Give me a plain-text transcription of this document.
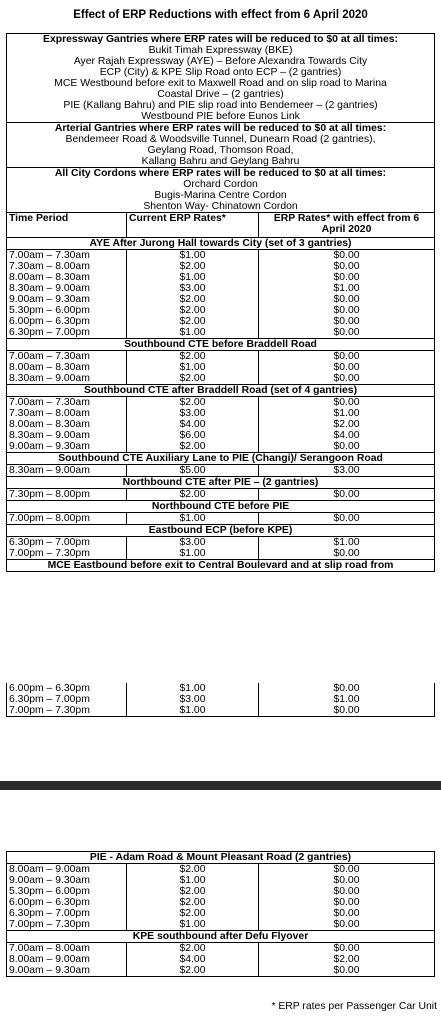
Effect of ERP Reductions with effect from 6 April 2020
Expressway Gantries where ERP rates will be reduced to $0 at all times:		
Bukit Timah Expressway (BKE)		
Ayer Rajah Expressway (AYE) – Before Alexandra Towards City		
ECP (City) & KPE Slip Road onto ECP – (2 gantries)		
MCE Westbound before exit to Maxwell Road and on slip road to Marina		
Coastal Drive – (2 gantries)		
PIE (Kallang Bahru) and PIE slip road into Bendemeer – (2 gantries)		
Westbound PIE before Eunos Link		
Arterial Gantries where ERP rates will be reduced to $0 at all times:		
Bendemeer Road & Woodsville Tunnel, Dunearn Road (2 gantries),		
Geylang Road, Thomson Road,		
Kallang Bahru and Geylang Bahru		
All City Cordons where ERP rates will be reduced to $0 at all times:		
Orchard Cordon		
Bugis-Marina Centre Cordon		
Shenton Way- Chinatown Cordon		
Time Period	Current ERP Rates*	ERP Rates* with effect from 6 April 2020
AYE After Jurong Hall towards City (set of 3 gantries)		
7.00am – 7.30am	$1.00	$0.00
7.30am – 8.00am	$2.00	$0.00
8.00am – 8.30am	$1.00	$0.00
8.30am – 9.00am	$3.00	$1.00
9.00am – 9.30am	$2.00	$0.00
5.30pm – 6.00pm	$2.00	$0.00
6.00pm – 6.30pm	$2.00	$0.00
6.30pm – 7.00pm	$1.00	$0.00
Southbound CTE before Braddell Road		
7.00am – 7.30am	$2.00	$0.00
8.00am – 8.30am	$1.00	$0.00
8.30am – 9.00am	$2.00	$0.00
Southbound CTE after Braddell Road (set of 4 gantries)		
7.00am – 7.30am	$2.00	$0.00
7.30am – 8.00am	$3.00	$1.00
8.00am – 8.30am	$4.00	$2.00
8.30am – 9.00am	$6.00	$4.00
9.00am – 9.30am	$2.00	$0.00
Southbound CTE Auxiliary Lane to PIE (Changi)/ Serangoon Road		
8.30am – 9.00am	$5.00	$3.00
Northbound CTE after PIE – (2 gantries)		
7.30pm – 8.00pm	$2.00	$0.00
Northbound CTE before PIE		
7.00pm – 8.00pm	$1.00	$0.00
Eastbound ECP (before KPE)		
6.30pm – 7.00pm	$3.00	$1.00
7.00pm – 7.30pm	$1.00	$0.00
MCE Eastbound before exit to Central Boulevard and at slip road from		
6.00pm – 6.30pm	$1.00	$0.00
6.30pm – 7.00pm	$3.00	$1.00
7.00pm – 7.30pm	$1.00	$0.00
PIE - Adam Road & Mount Pleasant Road (2 gantries)		
8.00am – 9.00am	$2.00	$0.00
9.00am – 9.30am	$1.00	$0.00
5.30pm – 6.00pm	$2.00	$0.00
6.00pm – 6.30pm	$2.00	$0.00
6.30pm – 7.00pm	$2.00	$0.00
7.00pm – 7.30pm	$1.00	$0.00
KPE southbound after Defu Flyover		
7.00am – 8.00am	$2.00	$0.00
8.00am – 9.00am	$4.00	$2.00
9.00am – 9.30am	$2.00	$0.00
* ERP rates per Passenger Car Unit
